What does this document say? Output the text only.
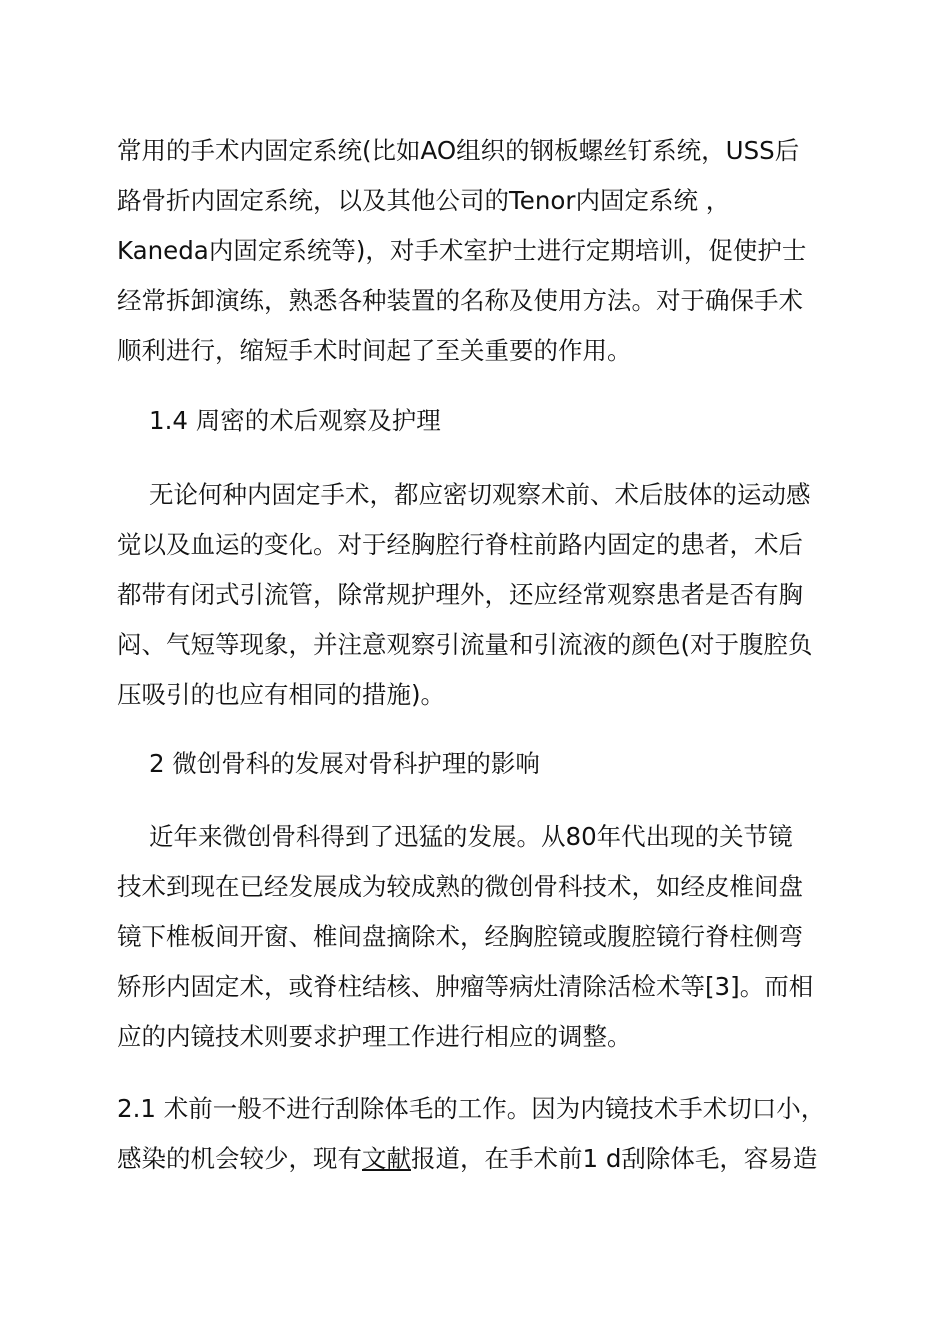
常用的手术内固定系统(比如AO组织的钢板螺丝钉系统，USS后
路骨折内固定系统，以及其他公司的Tenor内固定系统 ，
Kaneda内固定系统等)，对手术室护士进行定期培训，促使护士
经常拆卸演练，熟悉各种装置的名称及使用方法。对于确保手术
顺利进行，缩短手术时间起了至关重要的作用。
1.4 周密的术后观察及护理
无论何种内固定手术，都应密切观察术前、术后肢体的运动感
觉以及血运的变化。对于经胸腔行脊柱前路内固定的患者，术后
都带有闭式引流管，除常规护理外，还应经常观察患者是否有胸
闷、气短等现象，并注意观察引流量和引流液的颜色(对于腹腔负
压吸引的也应有相同的措施)。
2 微创骨科的发展对骨科护理的影响
近年来微创骨科得到了迅猛的发展。从80年代出现的关节镜
技术到现在已经发展成为较成熟的微创骨科技术，如经皮椎间盘
镜下椎板间开窗、椎间盘摘除术，经胸腔镜或腹腔镜行脊柱侧弯
矫形内固定术，或脊柱结核、肿瘤等病灶清除活检术等[3]。而相
应的内镜技术则要求护理工作进行相应的调整。
2.1 术前一般不进行刮除体毛的工作。因为内镜技术手术切口小，
感染的机会较少，现有文献报道，在手术前1 d刮除体毛，容易造
